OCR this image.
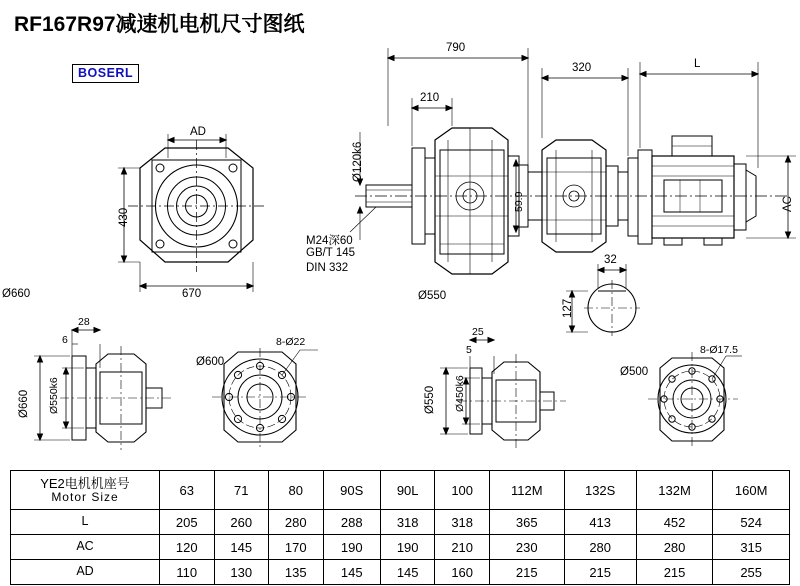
RF167R97减速机电机尺寸图纸
BOSERL
AD
430
670
790
210
320	L
AC
Ø120k6
59.9
M24深60
GB/T 145
DIN 332
32
127
Ø660	Ø550
28
6
Ø660 Ø550k6
Ø600
8-Ø22
25
5
Ø550 Ø450k6
Ø500
8-Ø17.5
YE2电机机座号
Motor Size	63	71	80	90S	90L	100	112M	132S	132M	160M
L	205	260	280	288	318	318	365	413	452	524
AC	120	145	170	190	190	210	230	280	280	315
AD	110	130	135	145	145	160	215	215	215	255
